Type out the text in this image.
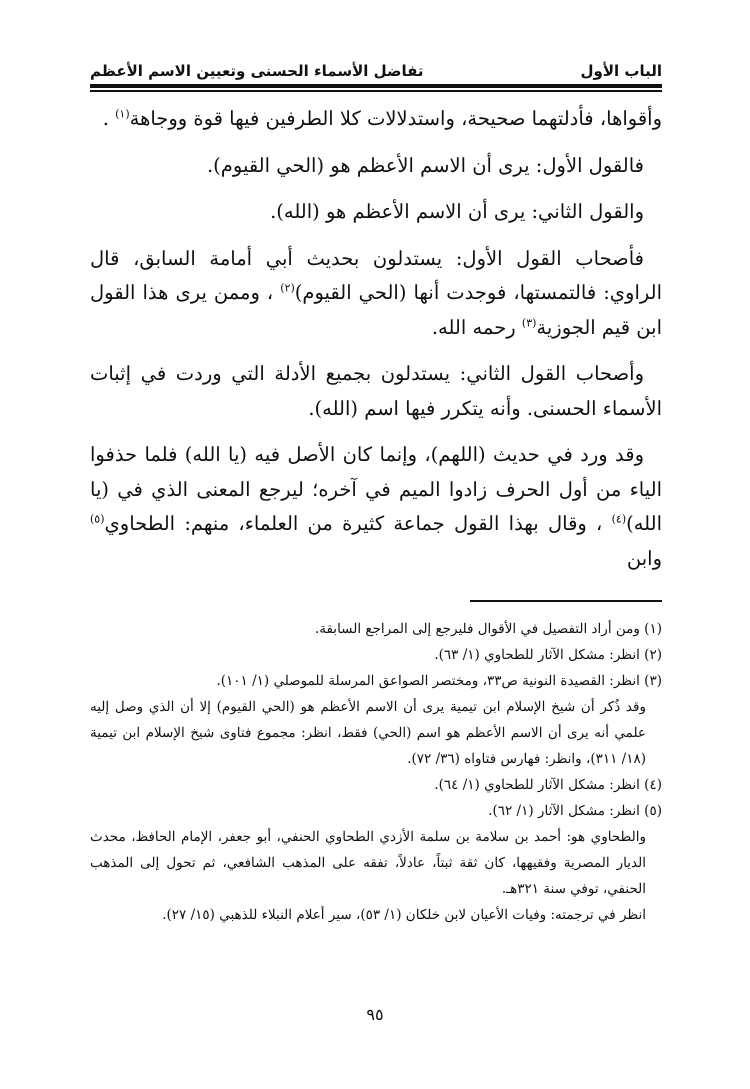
الباب الأول
تفاضل الأسماء الحسنى وتعيين الاسم الأعظم

وأقواها، فأدلتهما صحيحة، واستدلالات كلا الطرفين فيها قوة ووجاهة$^{(١)}$ .

فالقول الأول: يرى أن الاسم الأعظم هو (الحي القيوم).

والقول الثاني: يرى أن الاسم الأعظم هو (الله).

فأصحاب القول الأول: يستدلون بحديث أبي أمامة السابق، قال الراوي: فالتمستها، فوجدت أنها (الحي القيوم)$^{(٢)}$ ، وممن يرى هذا القول ابن قيم الجوزية$^{(٣)}$ رحمه الله.

وأصحاب القول الثاني: يستدلون بجميع الأدلة التي وردت في إثبات الأسماء الحسنى. وأنه يتكرر فيها اسم (الله).

وقد ورد في حديث (اللهم)، وإنما كان الأصل فيه (يا الله) فلما حذفوا الياء من أول الحرف زادوا الميم في آخره؛ ليرجع المعنى الذي في (يا الله)$^{(٤)}$ ، وقال بهذا القول جماعة كثيرة من العلماء، منهم: الطحاوي$^{(٥)}$ وابن

(١) ومن أراد التفصيل في الأقوال فليرجع إلى المراجع السابقة.

(٢) انظر: مشكل الآثار للطحاوي (١/ ٦٣).

(٣) انظر: القصيدة النونية ص٣٣، ومختصر الصواعق المرسلة للموصلي (١/ ١٠١).

وقد ذُكر أن شيخ الإسلام ابن تيمية يرى أن الاسم الأعظم هو (الحي القيوم) إلا أن الذي وصل إليه علمي أنه يرى أن الاسم الأعظم هو اسم (الحي) فقط، انظر: مجموع فتاوى شيخ الإسلام ابن تيمية (١٨/ ٣١١)، وانظر: فهارس فتاواه (٣٦/ ٧٢).

(٤) انظر: مشكل الآثار للطحاوي (١/ ٦٤).

(٥) انظر: مشكل الآثار (١/ ٦٢).

والطحاوي هو: أحمد بن سلامة بن سلمة الأزدي الطحاوي الحنفي، أبو جعفر، الإمام الحافظ، محدث الديار المصرية وفقيهها، كان ثقة ثبتاً، عادلاً، تفقه على المذهب الشافعي، ثم تحول إلى المذهب الحنفي، توفي سنة ٣٢١هـ.

انظر في ترجمته: وفيات الأعيان لابن خلكان (١/ ٥٣)، سير أعلام النبلاء للذهبي (١٥/ ٢٧).

٩٥
